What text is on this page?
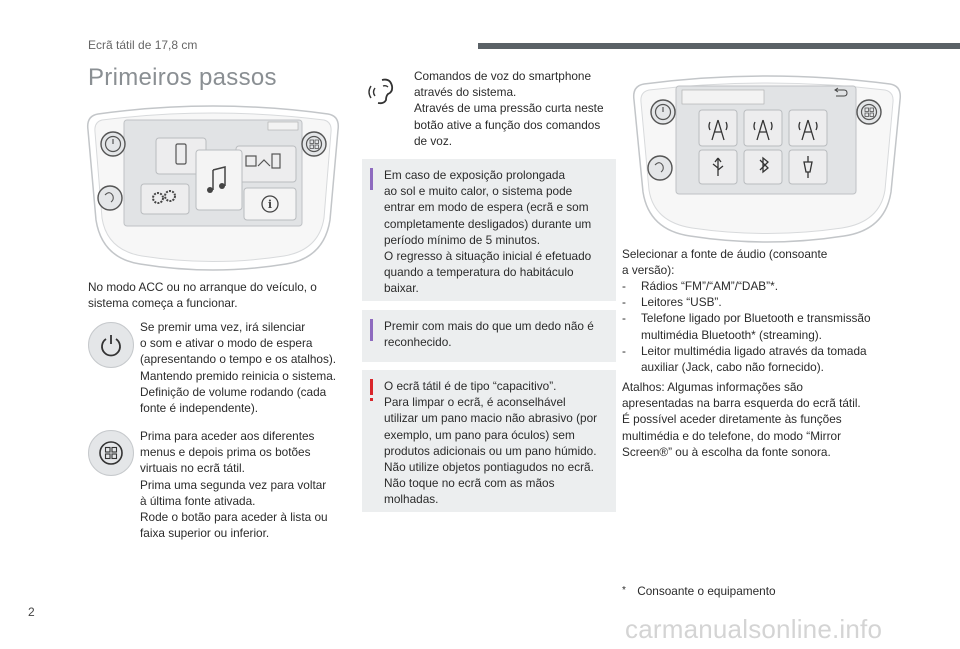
Ecrã tátil de 17,8 cm
Primeiros passos
i
No modo ACC ou no arranque do veículo, o
sistema começa a funcionar.
Se premir uma vez, irá silenciar
o som e ativar o modo de espera
(apresentando o tempo e os atalhos).
Mantendo premido reinicia o sistema.
Definição de volume rodando (cada
fonte é independente).
Prima para aceder aos diferentes
menus e depois prima os botões
virtuais no ecrã tátil.
Prima uma segunda vez para voltar
à última fonte ativada.
Rode o botão para aceder à lista ou
faixa superior ou inferior.
Comandos de voz do smartphone
através do sistema.
Através de uma pressão curta neste
botão ative a função dos comandos
de voz.
Em caso de exposição prolongada
ao sol e muito calor, o sistema pode
entrar em modo de espera (ecrã e som
completamente desligados) durante um
período mínimo de 5 minutos.
O regresso à situação inicial é efetuado
quando a temperatura do habitáculo
baixar.
Premir com mais do que um dedo não é
reconhecido.
O ecrã tátil é de tipo “capacitivo”.
Para limpar o ecrã, é aconselhável
utilizar um pano macio não abrasivo (por
exemplo, um pano para óculos) sem
produtos adicionais ou um pano húmido.
Não utilize objetos pontiagudos no ecrã.
Não toque no ecrã com as mãos
molhadas.
Selecionar a fonte de áudio (consoante
a versão):
- Rádios “FM”/“AM”/“DAB”*.
- Leitores “USB”.
- Telefone ligado por Bluetooth e transmissão
multimédia Bluetooth* (streaming).
- Leitor multimédia ligado através da tomada
auxiliar (Jack, cabo não fornecido).
Atalhos: Algumas informações são
apresentadas na barra esquerda do ecrã tátil.
É possível aceder diretamente às funções
multimédia e do telefone, do modo “Mirror
Screen®” ou à escolha da fonte sonora.
* Consoante o equipamento
2
carmanualsonline.info
